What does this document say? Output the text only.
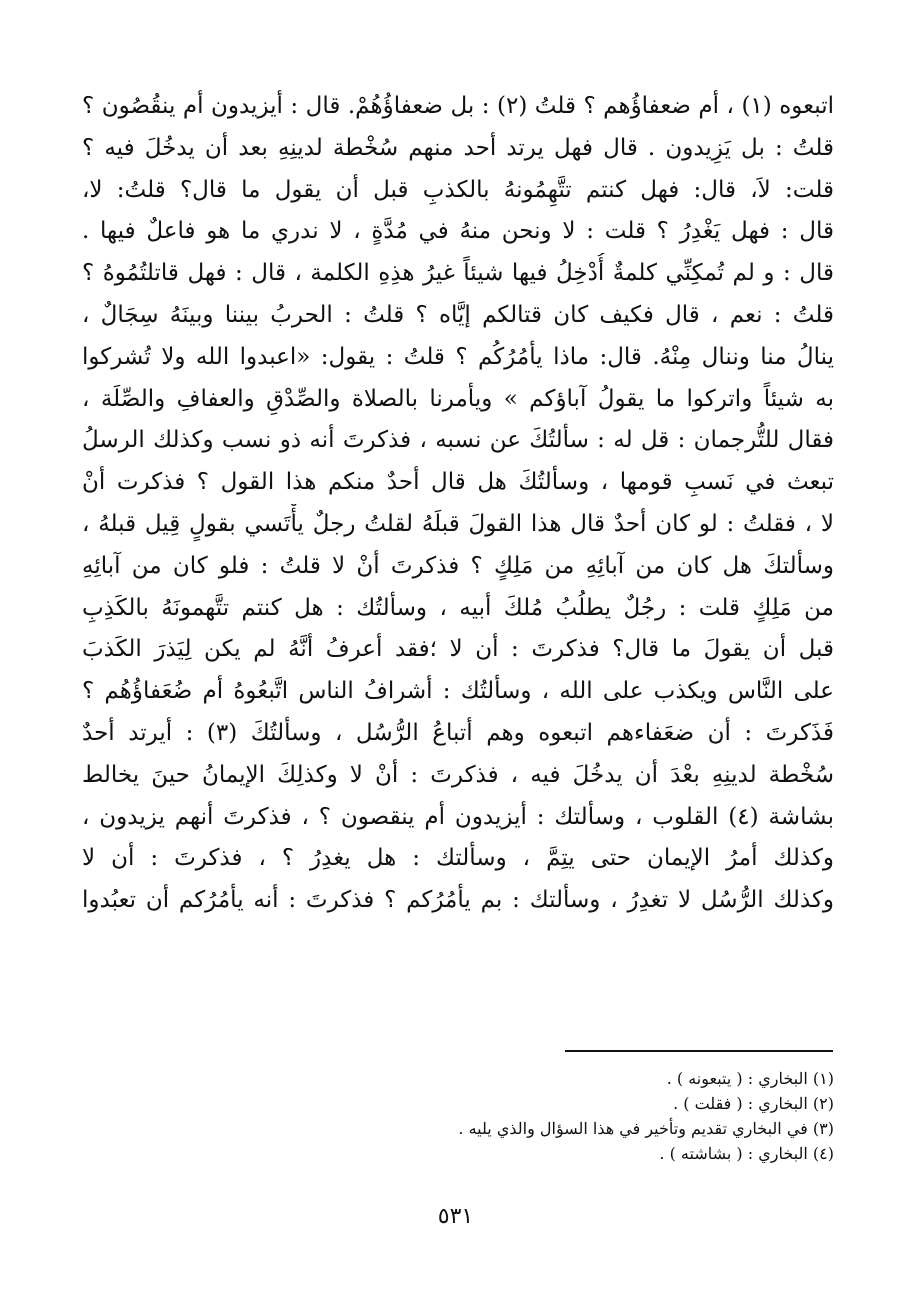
اتبعوه (١) ، أم ضعفاؤُهم ؟ قلتُ (٢) : بل ضعفاؤُهُمْ. قال : أيزيدون أم ينقُصُون ؟
قلتُ : بل يَزِيدون . قال فهل يرتد أحد منهم سُخْطة لدينِهِ بعد أن يدخُلَ فيه ؟
قلت: لاَ، قال: فهل كنتم تتَّهِمُونهُ بالكذبِ قبل أن يقول ما قال؟ قلتُ: لا،
قال : فهل يَغْدِرُ ؟ قلت : لا ونحن منهُ في مُدَّةٍ ، لا ندري ما هو فاعلٌ فيها .
قال : و لم تُمكِنِّي كلمةٌ أُدْخِلُ فيها شيئاً غيرُ هذِهِ الكلمة ، قال : فهل قاتلتُمُوهُ ؟
قلتُ : نعم ، قال فكيف كان قتالكم إيَّاه ؟ قلتُ : الحربُ بيننا وبينَهُ سِجَالٌ ،
ينالُ منا وننال مِنْهُ. قال: ماذا يأمُرُكُم ؟ قلتُ : يقول: «اعبدوا الله ولا تُشركوا
به شيئاً واتركوا ما يقولُ آباؤكم » ويأمرنا بالصلاة والصِّدْقِ والعفافِ والصِّلَة ،
فقال للتُّرجمان : قل له : سألتُكَ عن نسبه ، فذكرتَ أنه ذو نسب وكذلك الرسلُ
تبعث في نَسبِ قومها ، وسألتُكَ هل قال أحدٌ منكم هذا القول ؟ فذكرت أنْ
لا ، فقلتُ : لو كان أحدٌ قال هذا القولَ قبلَهُ لقلتُ رجلٌ يأْتَسي بقولٍ قِيل قبلهُ ،
وسألتكَ هل كان من آبائِهِ من مَلِكٍ ؟ فذكرتَ أنْ لا قلتُ : فلو كان من آبائِهِ
من مَلِكٍ قلت : رجُلٌ يطلُبُ مُلكَ أبيه ، وسألتُك : هل كنتم تتَّهمونَهُ بالكَذِبِ
قبل أن يقولَ ما قال؟ فذكرتَ : أن لا ؛فقد أعرفُ أنَّهُ لم يكن لِيَذرَ الكَذبَ
على النَّاس ويكذب على الله ، وسألتُك : أشرافُ الناس اتَّبعُوهُ أم ضُعَفاؤُهُم ؟
فَذَكرتَ : أن ضعَفاءهم اتبعوه وهم أتباعُ الرُّسُل ، وسألتُكَ (٣) : أيرتد أحدٌ
سُخْطة لدينِهِ بعْدَ أن يدخُلَ فيه ، فذكرتَ : أنْ لا وكذلِكَ الإيمانُ حينَ يخالط
بشاشة (٤) القلوب ، وسألتك : أيزيدون أم ينقصون ؟ ، فذكرتَ أنهم يزيدون ،
وكذلك أمرُ الإيمان حتى يتِمَّ ، وسألتك : هل يغدِرُ ؟ ، فذكرتَ : أن لا
وكذلك الرُّسُل لا تغدِرُ ، وسألتك : بم يأمُرُكم ؟ فذكرتَ : أنه يأمُرُكم أن تعبُدوا
(١) البخاري : ( يتبعونه ) .
(٢) البخاري : ( فقلت ) .
(٣) في البخاري تقديم وتأخير في هذا السؤال والذي يليه .
(٤) البخاري : ( بشاشته ) .
٥٣١
